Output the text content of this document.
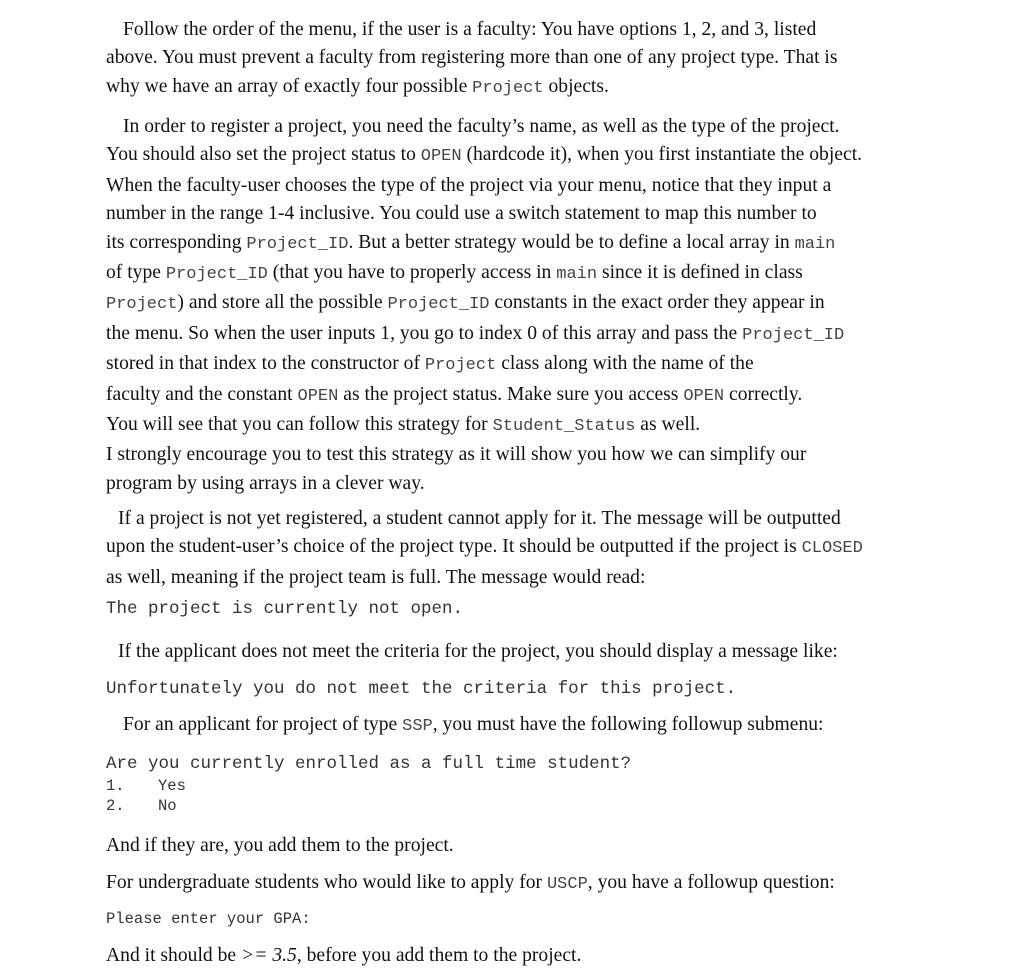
Follow the order of the menu, if the user is a faculty: You have options 1, 2, and 3, listed
above. You must prevent a faculty from registering more than one of any project type. That is
why we have an array of exactly four possible Project objects.
In order to register a project, you need the faculty’s name, as well as the type of the project.
You should also set the project status to OPEN (hardcode it), when you first instantiate the object.
When the faculty-user chooses the type of the project via your menu, notice that they input a
number in the range 1-4 inclusive. You could use a switch statement to map this number to
its corresponding Project_ID. But a better strategy would be to define a local array in main
of type Project_ID (that you have to properly access in main since it is defined in class
Project) and store all the possible Project_ID constants in the exact order they appear in
the menu. So when the user inputs 1, you go to index 0 of this array and pass the Project_ID
stored in that index to the constructor of Project class along with the name of the
faculty and the constant OPEN as the project status. Make sure you access OPEN correctly.
You will see that you can follow this strategy for Student_Status as well.
I strongly encourage you to test this strategy as it will show you how we can simplify our
program by using arrays in a clever way.
If a project is not yet registered, a student cannot apply for it. The message will be outputted
upon the student-user’s choice of the project type. It should be outputted if the project is CLOSED
as well, meaning if the project team is full. The message would read:
The project is currently not open.
If the applicant does not meet the criteria for the project, you should display a message like:
Unfortunately you do not meet the criteria for this project.
For an applicant for project of type SSP, you must have the following followup submenu:
Are you currently enrolled as a full time student?
1. Yes
2. No
And if they are, you add them to the project.
For undergraduate students who would like to apply for USCP, you have a followup question:
Please enter your GPA:
And it should be >= 3.5, before you add them to the project.
